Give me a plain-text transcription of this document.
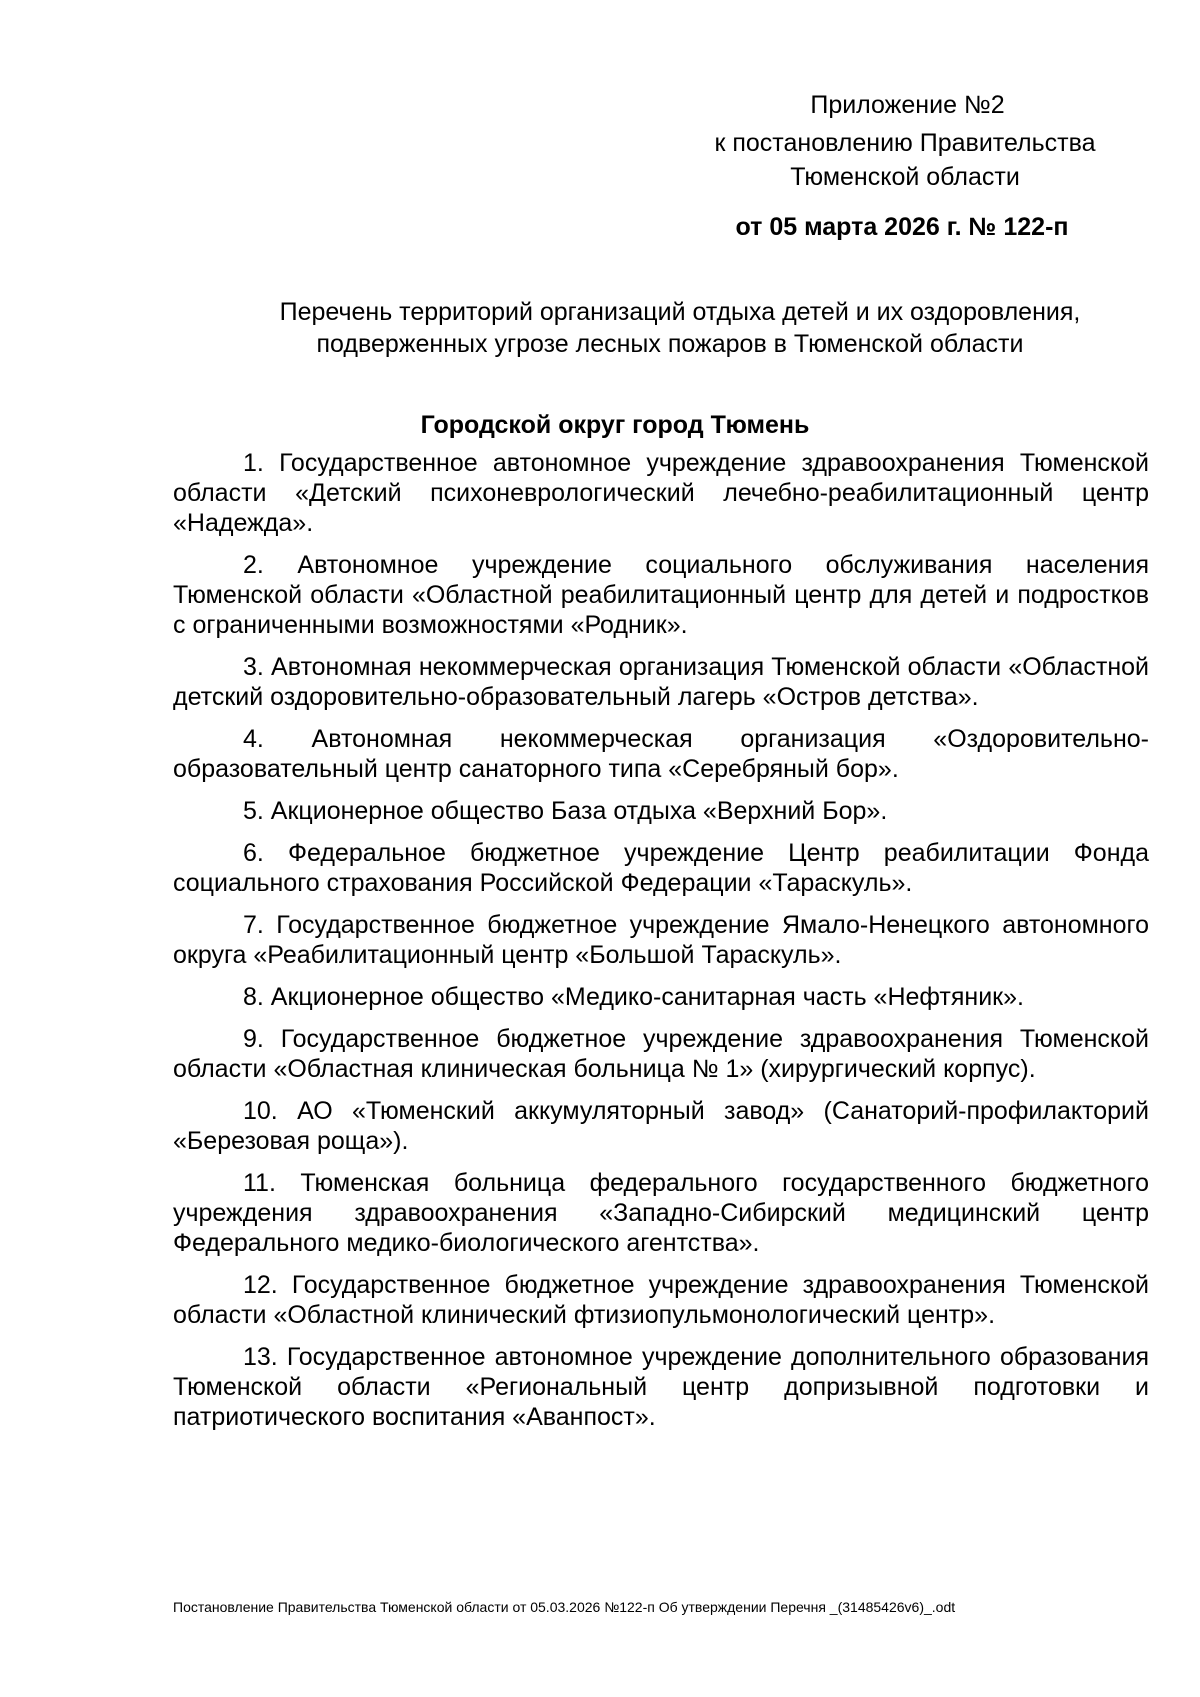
Приложение №2
к постановлению Правительства
Тюменской области
от 05 марта 2026 г. № 122-п
Перечень территорий организаций отдыха детей и их оздоровления,
подверженных угрозе лесных пожаров в Тюменской области
Городской округ город Тюмень

1. Государственное автономное учреждение здравоохранения Тюменской области «Детский психоневрологический лечебно-реабилитационный центр «Надежда».

2. Автономное учреждение социального обслуживания населения Тюменской области «Областной реабилитационный центр для детей и подростков с ограниченными возможностями «Родник».

3. Автономная некоммерческая организация Тюменской области «Областной детский оздоровительно-образовательный лагерь «Остров детства».

4. Автономная некоммерческая организация «Оздоровительно-образовательный центр санаторного типа «Серебряный бор».

5. Акционерное общество База отдыха «Верхний Бор».

6. Федеральное бюджетное учреждение Центр реабилитации Фонда социального страхования Российской Федерации «Тараскуль».

7. Государственное бюджетное учреждение Ямало-Ненецкого автономного округа «Реабилитационный центр «Большой Тараскуль».

8. Акционерное общество «Медико-санитарная часть «Нефтяник».

9. Государственное бюджетное учреждение здравоохранения Тюменской области «Областная клиническая больница № 1» (хирургический корпус).

10. АО «Тюменский аккумуляторный завод» (Санаторий-профилакторий «Березовая роща»).

11. Тюменская больница федерального государственного бюджетного учреждения здравоохранения «Западно-Сибирский медицинский центр Федерального медико-биологического агентства».

12. Государственное бюджетное учреждение здравоохранения Тюменской области «Областной клинический фтизиопульмонологический центр».

13. Государственное автономное учреждение дополнительного образования Тюменской области «Региональный центр допризывной подготовки и патриотического воспитания «Аванпост».

Постановление Правительства Тюменской области от 05.03.2026 №122-п Об утверждении Перечня _(31485426v6)_.odt
